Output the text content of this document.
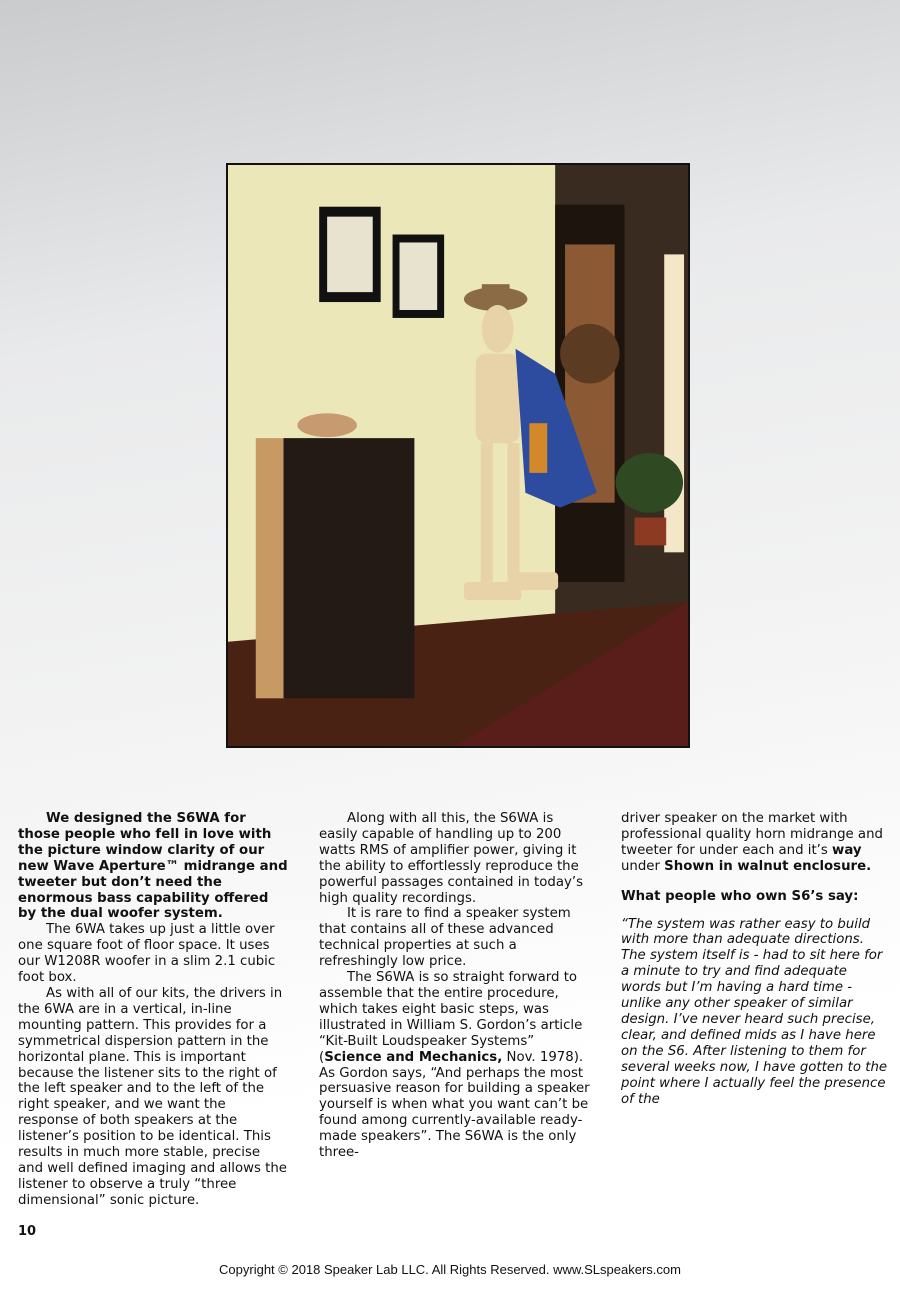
We designed the S6WA for those people who fell in love with the picture window clarity of our new Wave Aperture™ midrange and tweeter but don’t need the enormous bass capability offered by the dual woofer system.

The 6WA takes up just a little over one square foot of floor space. It uses our W1208R woofer in a slim 2.1 cubic foot box.

As with all of our kits, the drivers in the 6WA are in a vertical, in-line mounting pattern. This provides for a symmetrical dispersion pattern in the horizontal plane. This is important because the listener sits to the right of the left speaker and to the left of the right speaker, and we want the response of both speakers at the listener’s position to be identical. This results in much more stable, precise and well defined imaging and allows the listener to observe a truly “three dimensional” sonic picture.

Along with all this, the S6WA is easily capable of handling up to 200 watts RMS of amplifier power, giving it the ability to effortlessly reproduce the powerful passages contained in today’s high quality recordings.

It is rare to find a speaker system that contains all of these advanced technical properties at such a refreshingly low price.

The S6WA is so straight forward to assemble that the entire procedure, which takes eight basic steps, was illustrated in William S. Gordon’s article “Kit-Built Loudspeaker Systems” (Science and Mechanics, Nov. 1978). As Gordon says, “And perhaps the most persuasive reason for building a speaker yourself is when what you want can’t be found among currently-available ready-made speakers”. The S6WA is the only three-

driver speaker on the market with professional quality horn midrange and tweeter for under each and it’s way under Shown in walnut enclosure.

What people who own S6’s say:

“The system was rather easy to build with more than adequate directions. The system itself is - had to sit here for a minute to try and find adequate words but I’m having a hard time - unlike any other speaker of similar design. I’ve never heard such precise, clear, and defined mids as I have here on the S6. After listening to them for several weeks now, I have gotten to the point where I actually feel the presence of the

10
Copyright © 2018 Speaker Lab LLC. All Rights Reserved. www.SLspeakers.com
